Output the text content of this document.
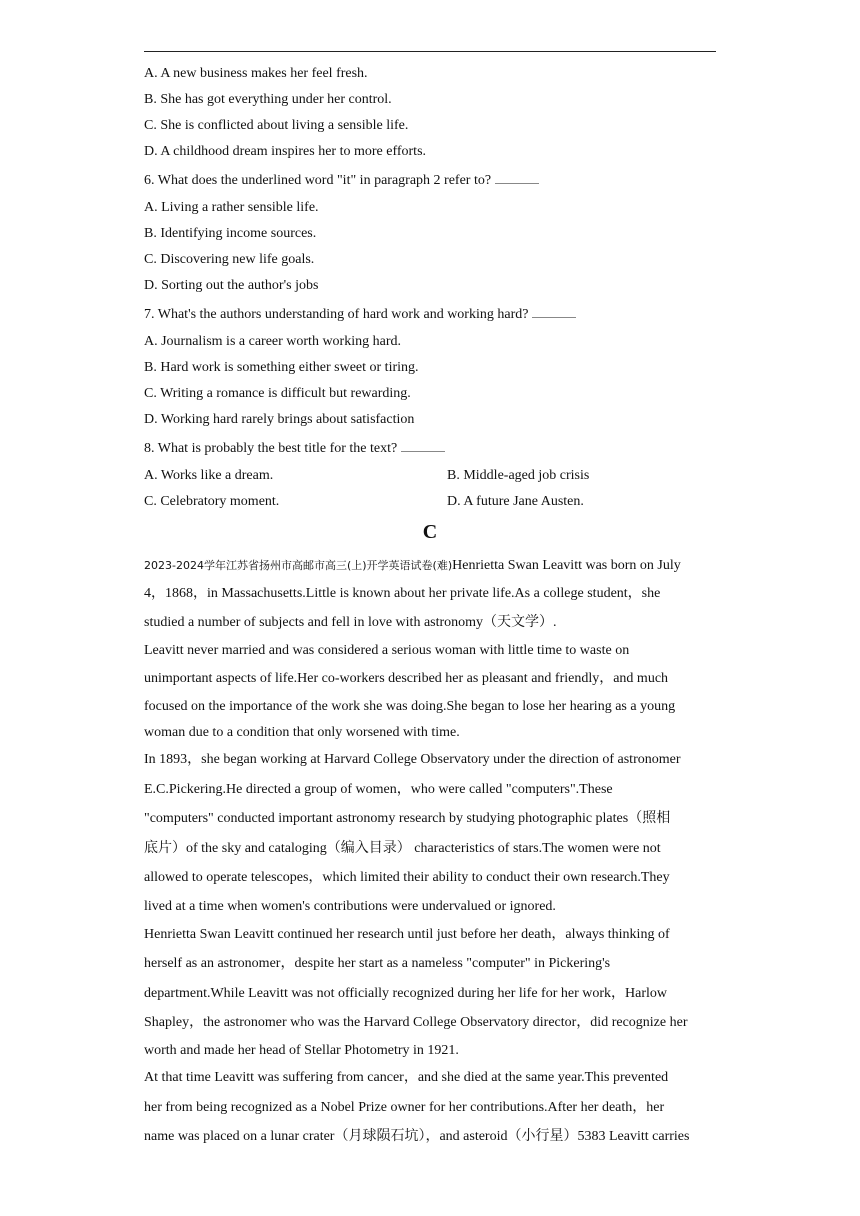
A. A new business makes her feel fresh.
B. She has got everything under her control.
C. She is conflicted about living a sensible life.
D. A childhood dream inspires her to more efforts.
6. What does the underlined word "it" in paragraph 2 refer to?
A. Living a rather sensible life.
B. Identifying income sources.
C. Discovering new life goals.
D. Sorting out the author's jobs
7. What's the authors understanding of hard work and working hard?
A. Journalism is a career worth working hard.
B. Hard work is something either sweet or tiring.
C. Writing a romance is difficult but rewarding.
D. Working hard rarely brings about satisfaction
8. What is probably the best title for the text?
A. Works like a dream.	B. Middle-aged job crisis
C. Celebratory moment.	D. A future Jane Austen.
C
2023-2024学年江苏省扬州市高邮市高三(上)开学英语试卷(难)Henrietta Swan Leavitt was born on July
4，1868，in Massachusetts.Little is known about her private life.As a college student，she
studied a number of subjects and fell in love with astronomy（天文学）.
Leavitt never married and was considered a serious woman with little time to waste on
unimportant aspects of life.Her co-workers described her as pleasant and friendly，and much
focused on the importance of the work she was doing.She began to lose her hearing as a young
woman due to a condition that only worsened with time.
In 1893，she began working at Harvard College Observatory under the direction of astronomer
E.C.Pickering.He directed a group of women，who were called "computers".These
"computers" conducted important astronomy research by studying photographic plates（照相
底片）of the sky and cataloging（编入目录） characteristics of stars.The women were not
allowed to operate telescopes，which limited their ability to conduct their own research.They
lived at a time when women's contributions were undervalued or ignored.
Henrietta Swan Leavitt continued her research until just before her death，always thinking of
herself as an astronomer，despite her start as a nameless "computer" in Pickering's
department.While Leavitt was not officially recognized during her life for her work，Harlow
Shapley，the astronomer who was the Harvard College Observatory director，did recognize her
worth and made her head of Stellar Photometry in 1921.
At that time Leavitt was suffering from cancer，and she died at the same year.This prevented
her from being recognized as a Nobel Prize owner for her contributions.After her death，her
name was placed on a lunar crater（月球陨石坑），and asteroid（小行星）5383 Leavitt carries
